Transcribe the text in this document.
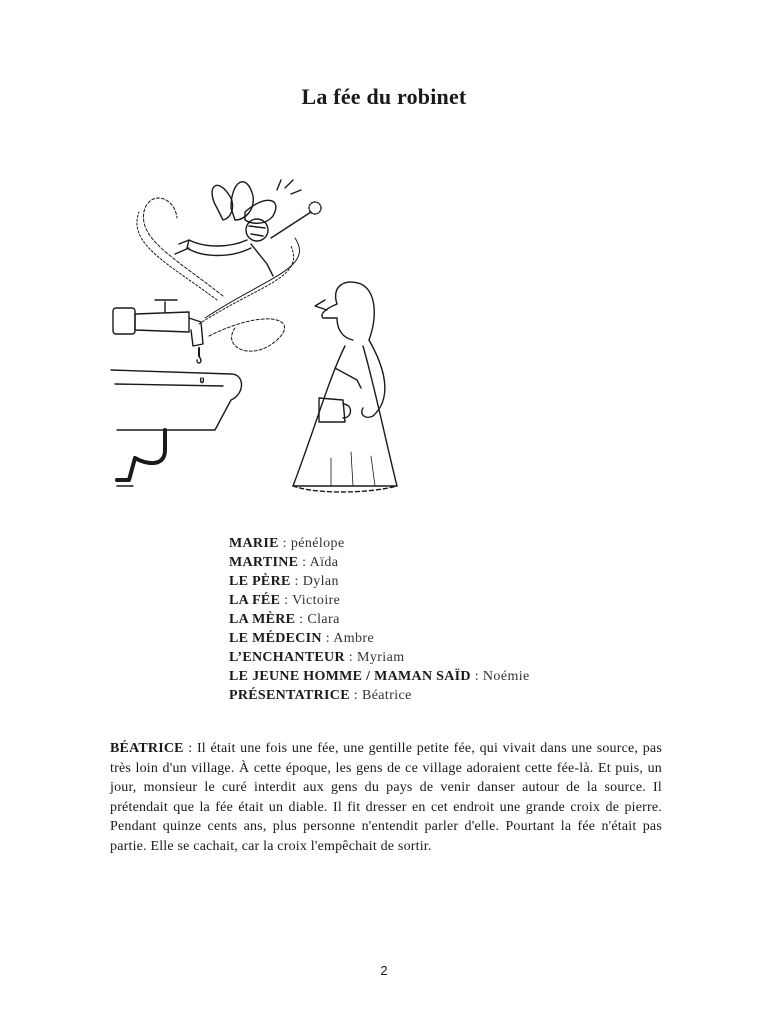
La fée du robinet
MARIE : pénélope
MARTINE : Aïda
LE PÈRE : Dylan
LA FÉE : Victoire
LA MÈRE : Clara
LE MÉDECIN : Ambre
L’ENCHANTEUR : Myriam
LE JEUNE HOMME / MAMAN SAÏD : Noémie
PRÉSENTATRICE : Béatrice
BÉATRICE : Il était une fois une fée, une gentille petite fée, qui vivait dans une source, pas très loin d'un village. À cette époque, les gens de ce village adoraient cette fée-là. Et puis, un jour, monsieur le curé interdit aux gens du pays de venir danser autour de la source. Il prétendait que la fée était un diable. Il fit dresser en cet endroit une grande croix de pierre. Pendant quinze cents ans, plus personne n'entendit parler d'elle. Pourtant la fée n'était pas partie. Elle se cachait, car la croix l'empêchait de sortir.
2
